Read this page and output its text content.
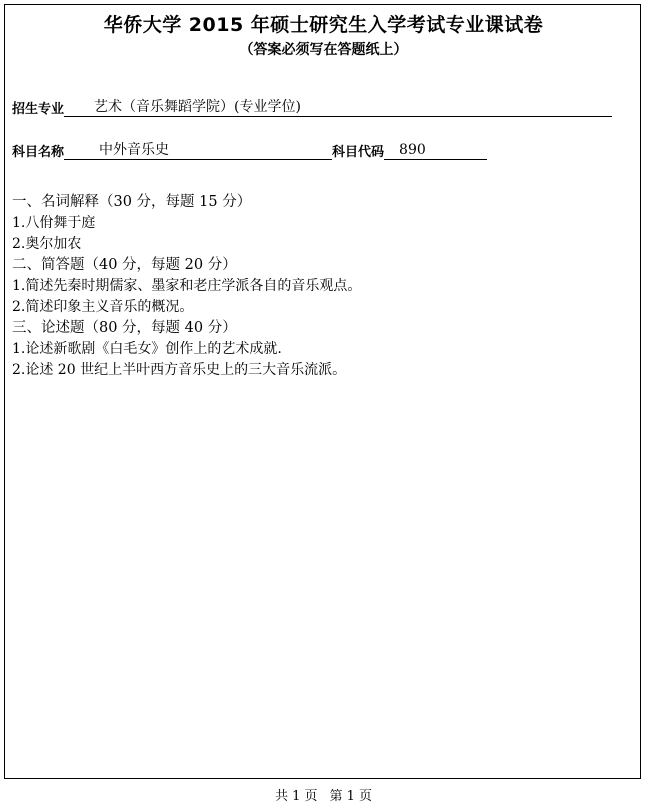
华侨大学 2015 年硕士研究生入学考试专业课试卷
（答案必须写在答题纸上）
招生专业 艺术（音乐舞蹈学院）(专业学位)
科目名称	中外音乐史	科目代码 890
一、名词解释（30 分，每题 15 分）
1.八佾舞于庭
2.奥尔加农
二、简答题（40 分，每题 20 分）
1.简述先秦时期儒家、墨家和老庄学派各自的音乐观点。
2.简述印象主义音乐的概况。
三、论述题（80 分，每题 40 分）
1.论述新歌剧《白毛女》创作上的艺术成就.
2.论述 20 世纪上半叶西方音乐史上的三大音乐流派。
共 1 页 第 1 页
